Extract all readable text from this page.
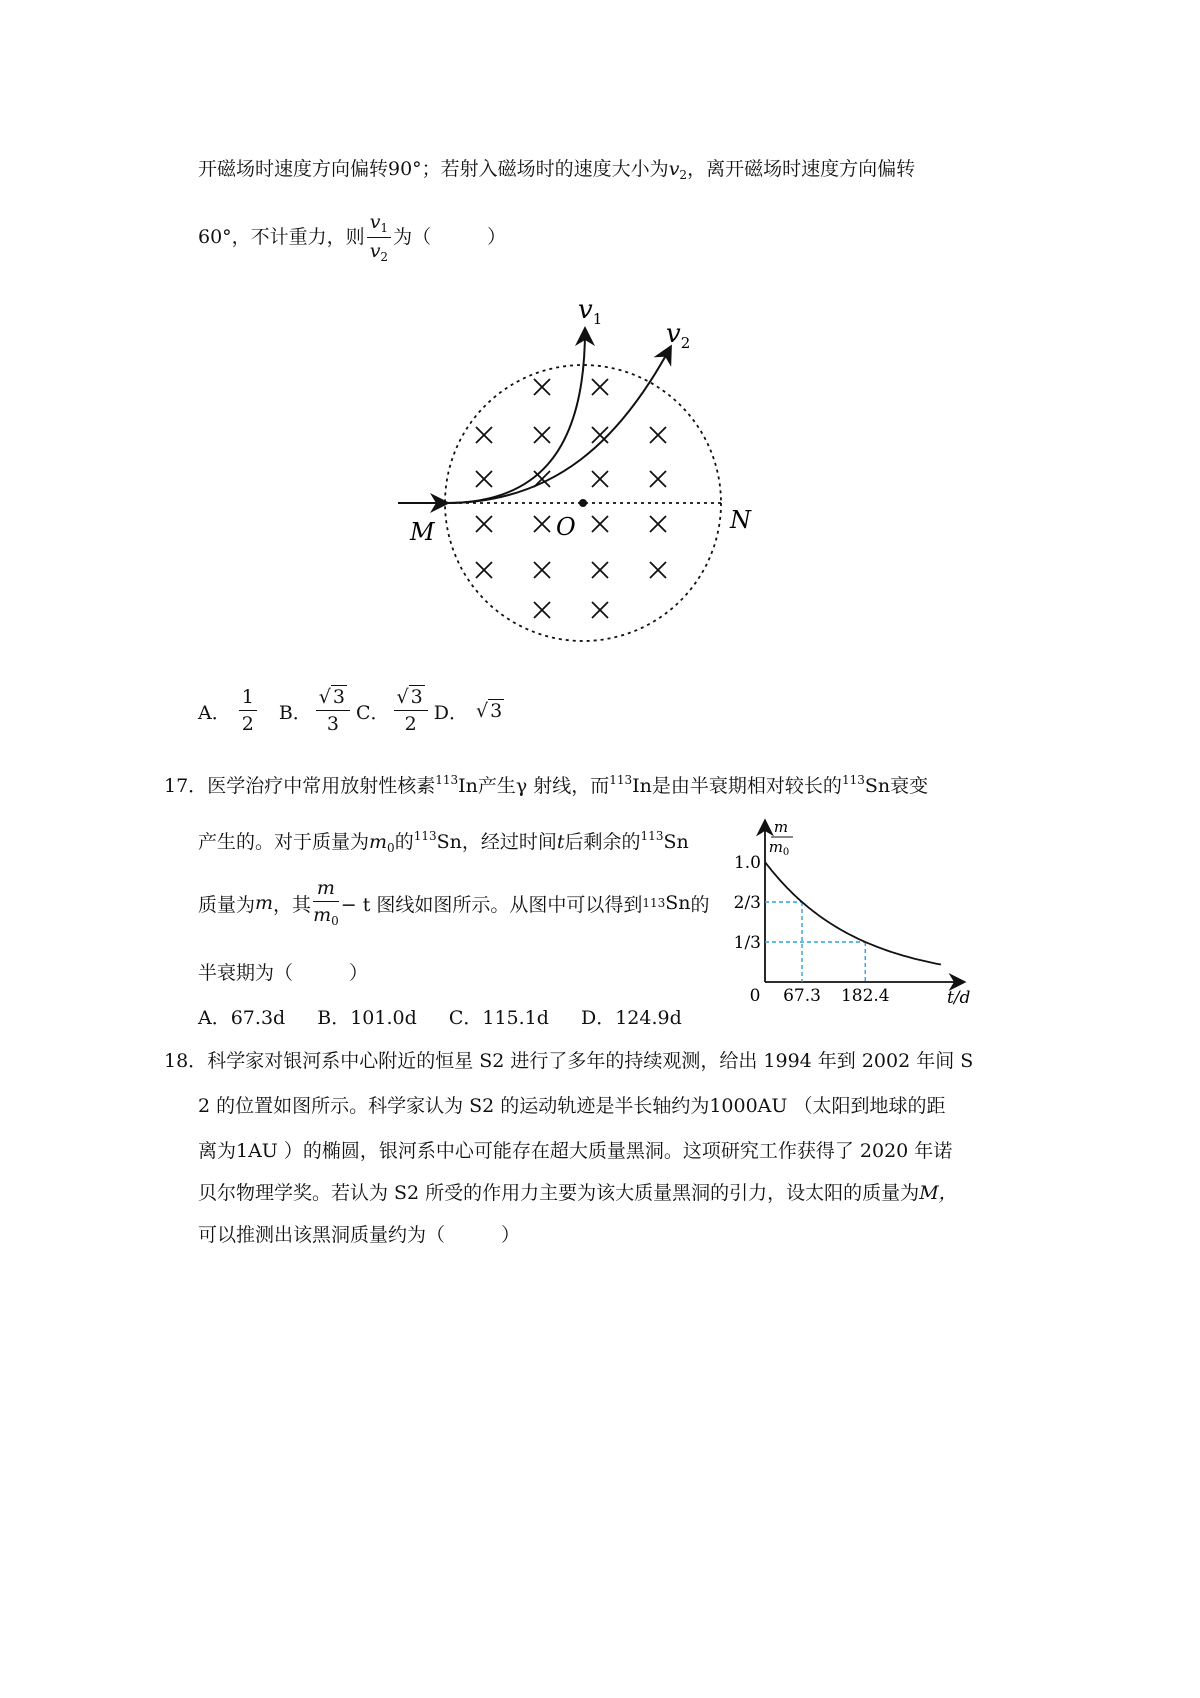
开磁场时速度方向偏转90°；若射入磁场时的速度大小为$v_2$，离开磁场时速度方向偏转
60°，不计重力，则 $\frac{v_1}{v_2}$ 为（	）
$v_1$ $v_2$
M	O	N
A． $\frac{1}{2}$ B． $\frac{√ 3}{3}$ C． $\frac{√ 3}{2}$ D． √ 3
17．医学治疗中常用放射性核素$^{113}$In产生γ 射线，而$^{113}$In是由半衰期相对较长的$^{113}$Sn衰变
产生的。对于质量为$m_0$的$^{113}$Sn，经过时间t后剩余的$^{113}$Sn
质量为 m ，其 $\frac{m}{m_0} - t$ 图线如图所示。从图中可以得到 113 Sn 的
半衰期为（	）
A．67.3d B．101.0d C．115.1d D．124.9d
67.3 182.4
1.0
2/3
1/3
m
$m_0$
t/d
0
18．科学家对银河系中心附近的恒星 S2 进行了多年的持续观测，给出 1994 年到 2002 年间 S
2 的位置如图所示。科学家认为 S2 的运动轨迹是半长轴约为1000AU （太阳到地球的距
离为1AU ）的椭圆，银河系中心可能存在超大质量黑洞。这项研究工作获得了 2020 年诺
贝尔物理学奖。若认为 S2 所受的作用力主要为该大质量黑洞的引力，设太阳的质量为M，
可以推测出该黑洞质量约为（	）
